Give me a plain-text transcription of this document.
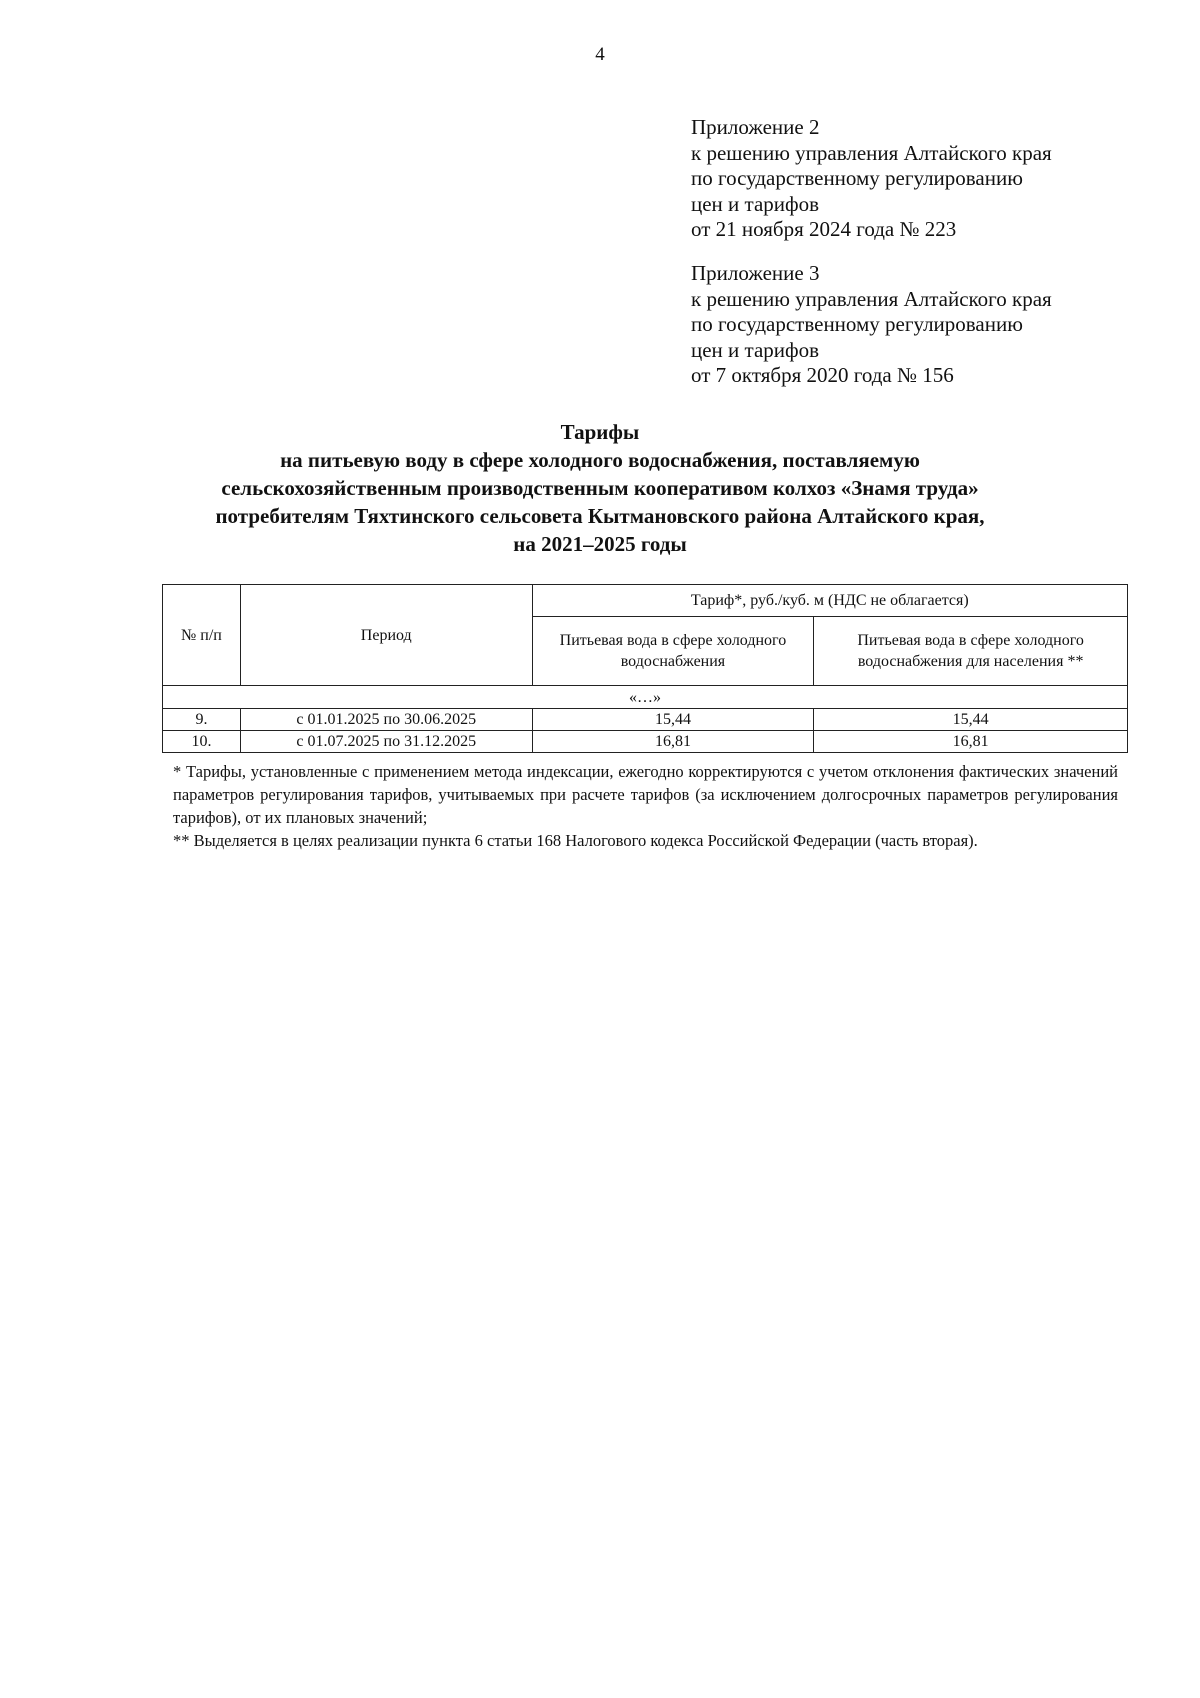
4
Приложение 2
к решению управления Алтайского края
по государственному регулированию
цен и тарифов
от 21 ноября 2024 года № 223
Приложение 3
к решению управления Алтайского края
по государственному регулированию
цен и тарифов
от 7 октября 2020 года № 156
Тарифы
на питьевую воду в сфере холодного водоснабжения, поставляемую
сельскохозяйственным производственным кооперативом колхоз «Знамя труда»
потребителям Тяхтинского сельсовета Кытмановского района Алтайского края,
на 2021–2025 годы
№ п/п	Период	Тариф*, руб./куб. м (НДС не облагается)	
		Питьевая вода в сфере холодного водоснабжения	Питьевая вода в сфере холодного водоснабжения для населения **
«…»			
9.	с 01.01.2025 по 30.06.2025	15,44	15,44
10.	с 01.07.2025 по 31.12.2025	16,81	16,81

* Тарифы, установленные с применением метода индексации, ежегодно корректируются с учетом отклонения фактических значений параметров регулирования тарифов, учитываемых при расчете тарифов (за исключением долгосрочных параметров регулирования тарифов), от их плановых значений;

** Выделяется в целях реализации пункта 6 статьи 168 Налогового кодекса Российской Федерации (часть вторая).
